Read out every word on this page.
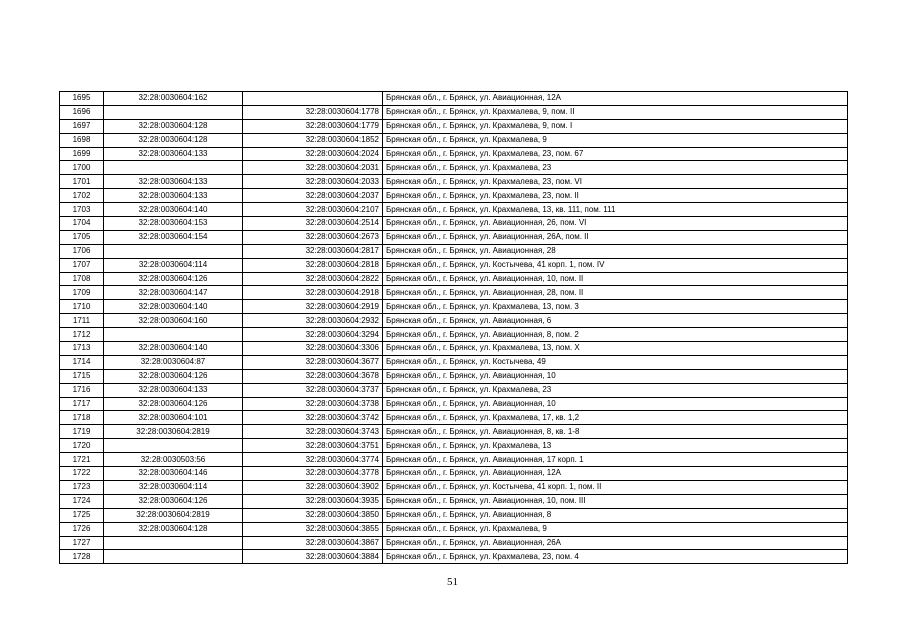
1695	32:28:0030604:162		Брянская обл., г. Брянск, ул. Авиационная, 12А
1696		32:28:0030604:1778	Брянская обл., г. Брянск, ул. Крахмалева, 9, пом. II
1697	32:28:0030604:128	32:28:0030604:1779	Брянская обл., г. Брянск, ул. Крахмалева, 9, пом. I
1698	32:28:0030604:128	32:28:0030604:1852	Брянская обл., г. Брянск, ул. Крахмалева, 9
1699	32:28:0030604:133	32:28:0030604:2024	Брянская обл., г. Брянск, ул. Крахмалева, 23, пом. 67
1700		32:28:0030604:2031	Брянская обл., г. Брянск, ул. Крахмалева, 23
1701	32:28:0030604:133	32:28:0030604:2033	Брянская обл., г. Брянск, ул. Крахмалева, 23, пом. VI
1702	32:28:0030604:133	32:28:0030604:2037	Брянская обл., г. Брянск, ул. Крахмалева, 23, пом. II
1703	32:28:0030604:140	32:28:0030604:2107	Брянская обл., г. Брянск, ул. Крахмалева, 13, кв. 111, пом. 111
1704	32:28:0030604:153	32:28:0030604:2514	Брянская обл., г. Брянск, ул. Авиационная, 26, пом. VI
1705	32:28:0030604:154	32:28:0030604:2673	Брянская обл., г. Брянск, ул. Авиационная, 26А, пом. II
1706		32:28:0030604:2817	Брянская обл., г. Брянск, ул. Авиационная, 28
1707	32:28:0030604:114	32:28:0030604:2818	Брянская обл., г. Брянск, ул. Костычева, 41 корп. 1, пом. IV
1708	32:28:0030604:126	32:28:0030604:2822	Брянская обл., г. Брянск, ул. Авиационная, 10, пом. II
1709	32:28:0030604:147	32:28:0030604:2918	Брянская обл., г. Брянск, ул. Авиационная, 28, пом. II
1710	32:28:0030604:140	32:28:0030604:2919	Брянская обл., г. Брянск, ул. Крахмалева, 13, пом. 3
1711	32:28:0030604:160	32:28:0030604:2932	Брянская обл., г. Брянск, ул. Авиационная, 6
1712		32:28:0030604:3294	Брянская обл., г. Брянск, ул. Авиационная, 8, пом. 2
1713	32:28:0030604:140	32:28:0030604:3306	Брянская обл., г. Брянск, ул. Крахмалева, 13, пом. X
1714	32:28:0030604:87	32:28:0030604:3677	Брянская обл., г. Брянск, ул. Костычева, 49
1715	32:28:0030604:126	32:28:0030604:3678	Брянская обл., г. Брянск, ул. Авиационная, 10
1716	32:28:0030604:133	32:28:0030604:3737	Брянская обл., г. Брянск, ул. Крахмалева, 23
1717	32:28:0030604:126	32:28:0030604:3738	Брянская обл., г. Брянск, ул. Авиационная, 10
1718	32:28:0030604:101	32:28:0030604:3742	Брянская обл., г. Брянск, ул. Крахмалева, 17, кв. 1,2
1719	32:28:0030604:2819	32:28:0030604:3743	Брянская обл., г. Брянск, ул. Авиационная, 8, кв. 1-8
1720		32:28:0030604:3751	Брянская обл., г. Брянск, ул. Крахмалева, 13
1721	32:28:0030503:56	32:28:0030604:3774	Брянская обл., г. Брянск, ул. Авиационная, 17 корп. 1
1722	32:28:0030604:146	32:28:0030604:3778	Брянская обл., г. Брянск, ул. Авиационная, 12А
1723	32:28:0030604:114	32:28:0030604:3902	Брянская обл., г. Брянск, ул. Костычева, 41 корп. 1, пом. II
1724	32:28:0030604:126	32:28:0030604:3935	Брянская обл., г. Брянск, ул. Авиационная, 10, пом. III
1725	32:28:0030604:2819	32:28:0030604:3850	Брянская обл., г. Брянск, ул. Авиационная, 8
1726	32:28:0030604:128	32:28:0030604:3855	Брянская обл., г. Брянск, ул. Крахмалева, 9
1727		32:28:0030604:3867	Брянская обл., г. Брянск, ул. Авиационная, 26А
1728		32:28:0030604:3884	Брянская обл., г. Брянск, ул. Крахмалева, 23, пом. 4
51
